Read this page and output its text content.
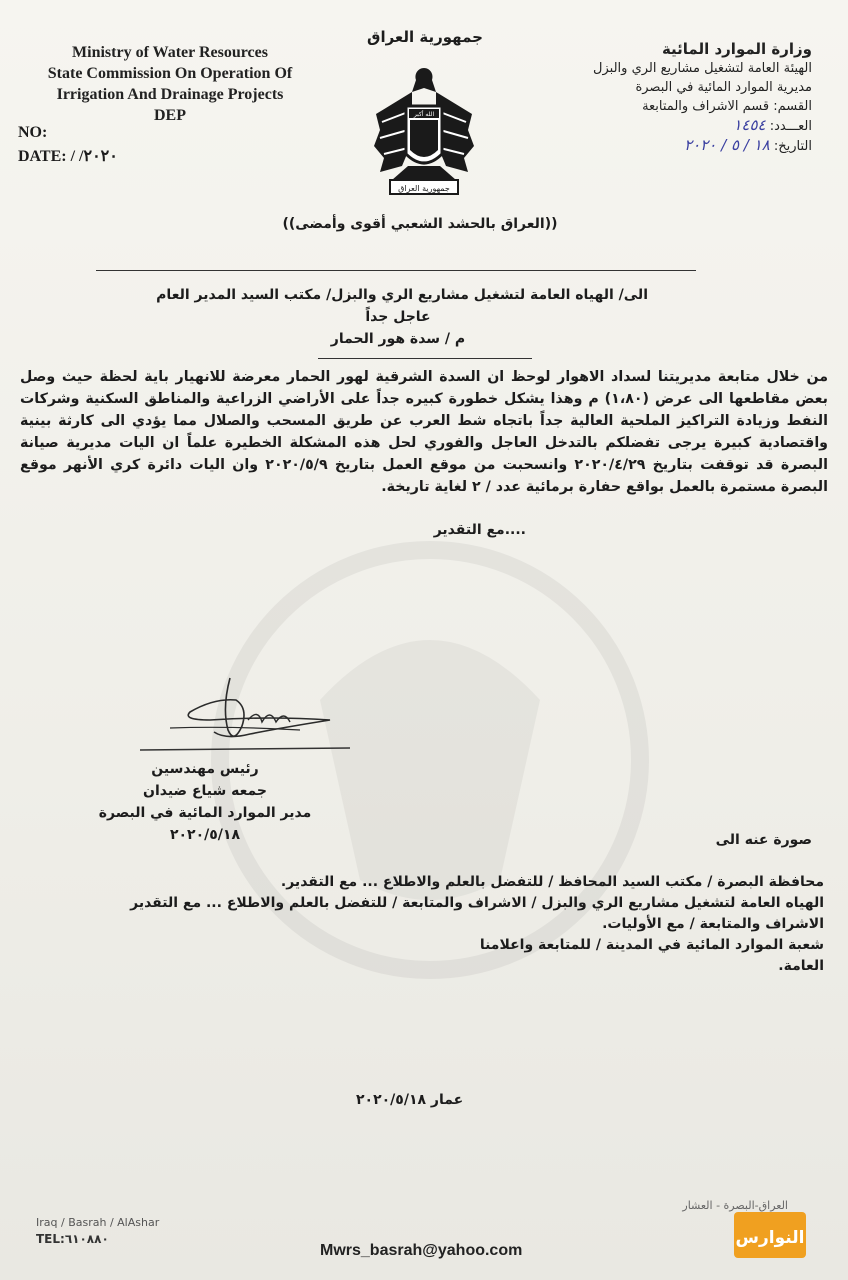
Ministry of Water Resources
State Commission On Operation Of
Irrigation And Drainage Projects
DEP
NO:
DATE: / /٢٠٢٠
جمهورية العراق
الله أكبر
جمهورية العراق
((العراق بالحشد الشعبي أقوى وأمضى))
وزارة الموارد المائية
الهيئة العامة لتشغيل مشاريع الري والبزل
مديرية الموارد المائية في البصرة
القسم: قسم الاشراف والمتابعة
العـــدد: ١٤٥٤
التاريخ: ١٨ / ٥ / ٢٠٢٠
الى/ الهياه العامة لتشغيل مشاريع الري والبزل/ مكتب السيد المدير العام
عاجل جداً
م / سدة هور الحمار

من خلال متابعة مديريتنا لسداد الاهوار لوحظ ان السدة الشرقية لهور الحمار معرضة للانهيار باية لحظة حيث وصل بعض مقاطعها الى عرض (١،٨٠) م وهذا يشكل خطورة كبيره جداً على الأراضي الزراعية والمناطق السكنية وشركات النفط وزيادة التراكيز الملحية العالية جداً باتجاه شط العرب عن طريق المسحب والصلال مما يؤدي الى كارثة بينية واقتصادية كبيرة يرجى تفضلكم بالتدخل العاجل والفوري لحل هذه المشكلة الخطيرة علماً ان اليات مديرية صيانة البصرة قد توقفت بتاريخ ٢٠٢٠/٤/٢٩ وانسحبت من موقع العمل بتاريخ ٢٠٢٠/٥/٩ وان اليات دائرة كري الأنهر موقع البصرة مستمرة بالعمل بواقع حفارة برمائية عدد / ٢ لغاية تاريخة.

....مع التقدير
رئيس مهندسين
جمعه شياع ضيدان
مدير الموارد المائية في البصرة
٢٠٢٠/٥/١٨	صورة عنه الى
محافظة البصرة / مكتب السيد المحافظ / للتفضل بالعلم والاطلاع ... مع التقدير.
الهياه العامة لتشغيل مشاريع الري والبزل / الاشراف والمتابعة / للتفضل بالعلم والاطلاع ... مع التقدير
الاشراف والمتابعة / مع الأوليات.
شعبة الموارد المائية في المدينة / للمتابعة واعلامنا
العامة.
عمار ٢٠٢٠/٥/١٨
Iraq / Basrah / AlAshar
TEL:٦١٠٨٨٠
العراق-البصرة - العشار
Mwrs_basrah@yahoo.com
النوارس
